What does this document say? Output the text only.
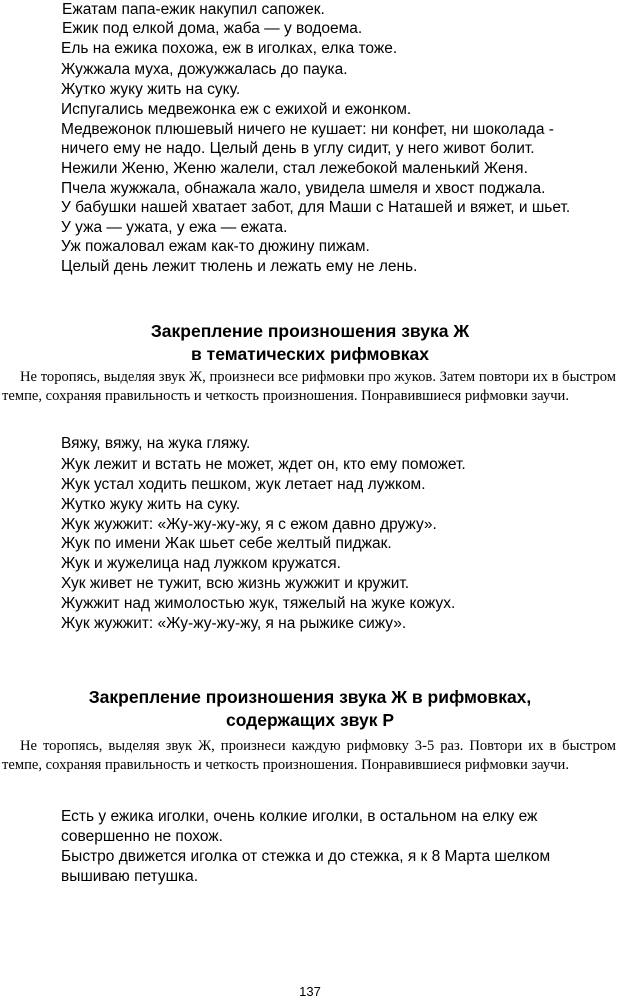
Ежатам папа-ежик накупил сапожек.
Ежик под елкой дома, жаба — у водоема.
Ель на ежика похожа, еж в иголках, елка тоже.
Жужжала муха, дожужжалась до паука.
Жутко жуку жить на суку.
Испугались медвежонка еж с ежихой и ежонком.
Медвежонок плюшевый ничего не кушает: ни конфет, ни шоколада -
ничего ему не надо. Целый день в углу сидит, у него живот болит.
Нежили Женю, Женю жалели, стал лежебокой маленький Женя.
Пчела жужжала, обнажала жало, увидела шмеля и хвост поджала.
У бабушки нашей хватает забот, для Маши с Наташей и вяжет, и шьет.
У ужа — ужата, у ежа — ежата.
Уж пожаловал ежам как-то дюжину пижам.
Целый день лежит тюлень и лежать ему не лень.
Закрепление произношения звука Ж
в тематических рифмовках

Не торопясь, выделяя звук Ж, произнеси все рифмовки про жуков. Затем повтори их в быстром темпе, сохраняя правильность и четкость произношения. Понравившиеся рифмовки заучи.

Вяжу, вяжу, на жука гляжу.
Жук лежит и встать не может, ждет он, кто ему поможет.
Жук устал ходить пешком, жук летает над лужком.
Жутко жуку жить на суку.
Жук жужжит: «Жу-жу-жу-жу, я с ежом давно дружу».
Жук по имени Жак шьет себе желтый пиджак.
Жук и жужелица над лужком кружатся.
Хук живет не тужит, всю жизнь жужжит и кружит.
Жужжит над жимолостью жук, тяжелый на жуке кожух.
Жук жужжит: «Жу-жу-жу-жу, я на рыжике сижу».
Закрепление произношения звука Ж в рифмовках,
содержащих звук Р

Не торопясь, выделяя звук Ж, произнеси каждую рифмовку 3-5 раз. Повтори их в быстром темпе, сохраняя правильность и четкость произношения. Понравившиеся рифмовки заучи.

Есть у ежика иголки, очень колкие иголки, в остальном на елку еж
совершенно не похож.
Быстро движется иголка от стежка и до стежка, я к 8 Марта шелком
вышиваю петушка.
137
